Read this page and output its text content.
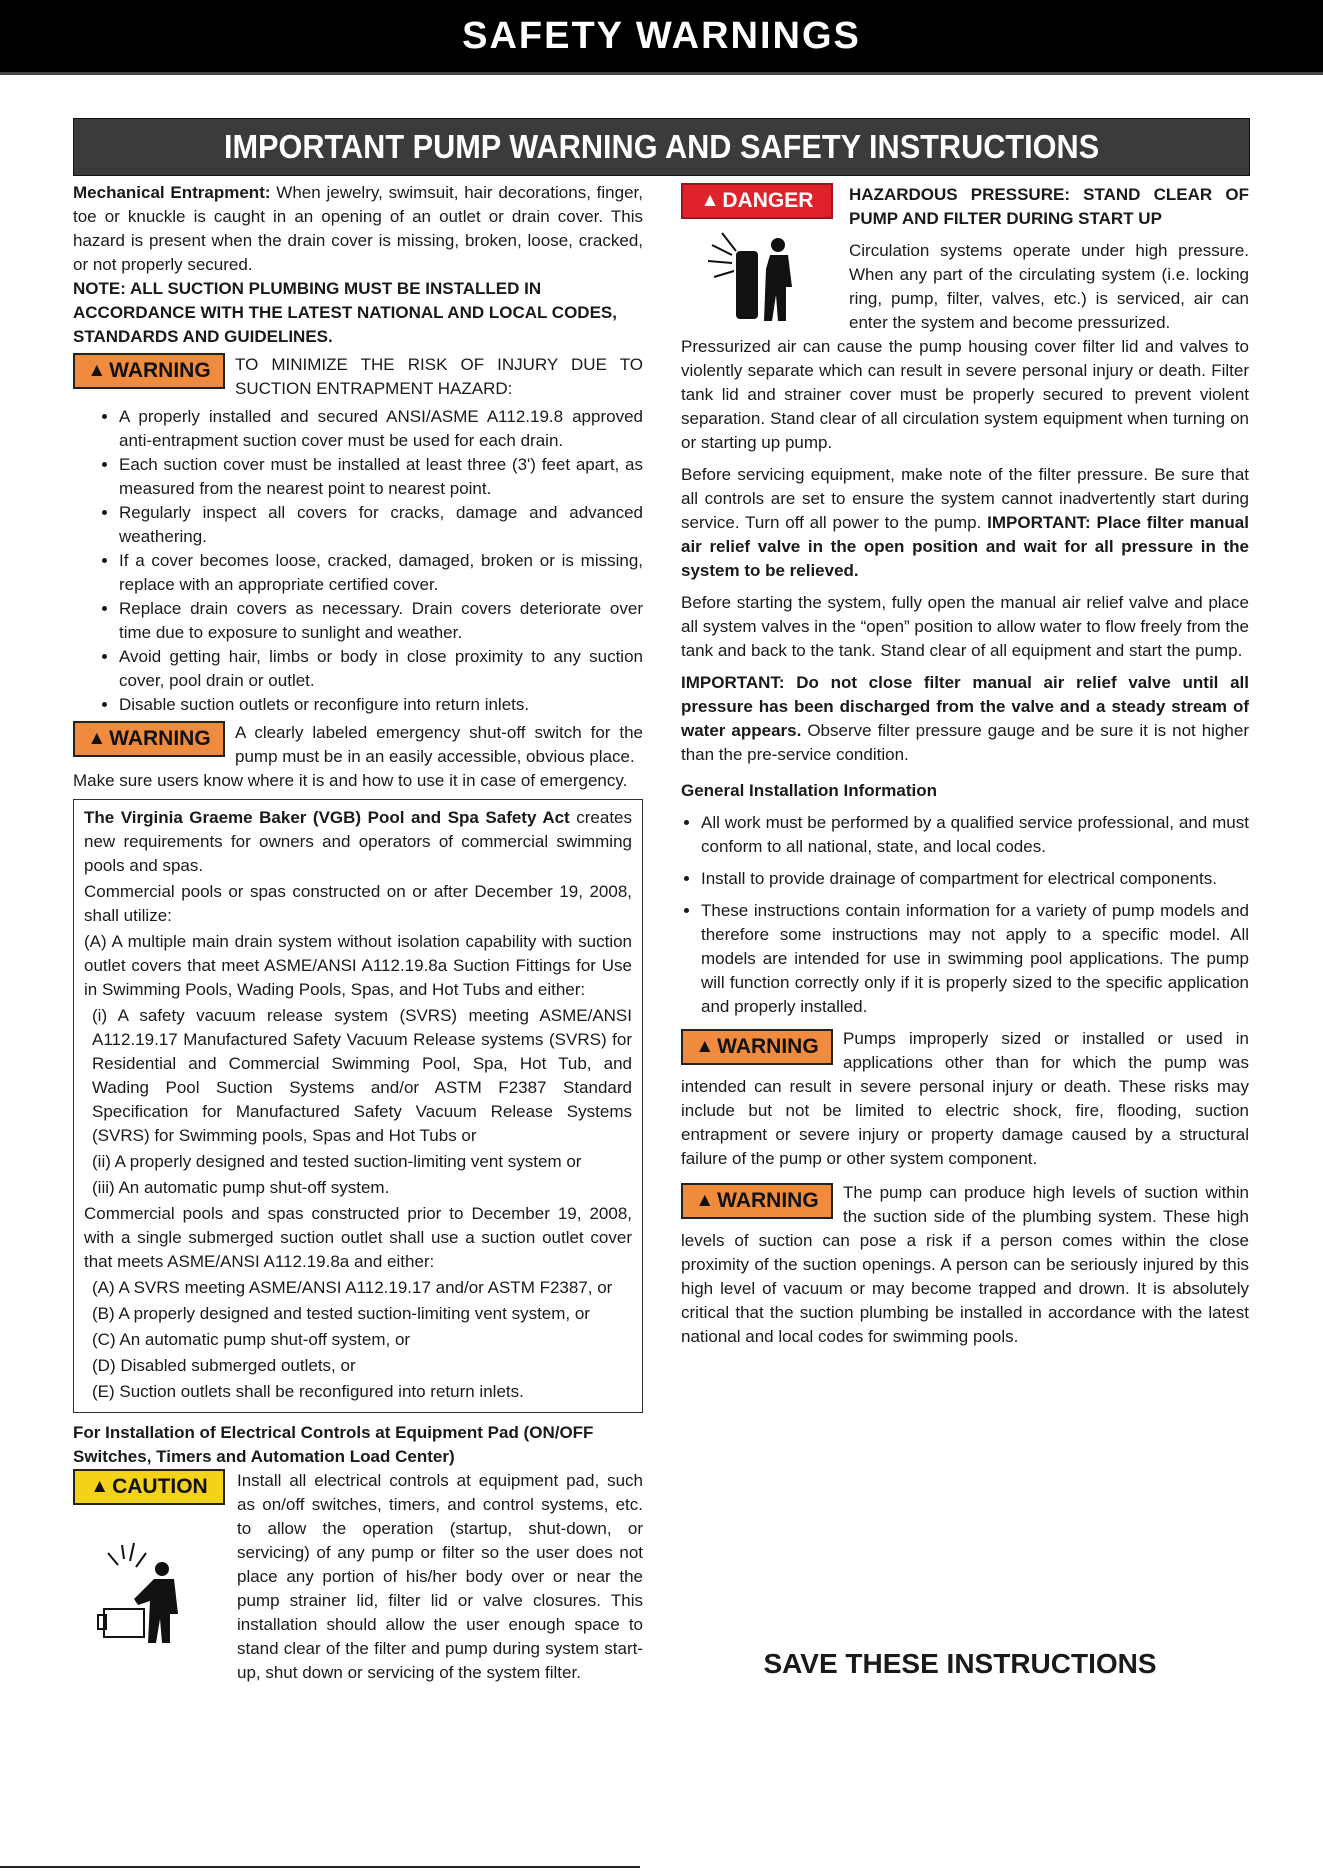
SAFETY WARNINGS
IMPORTANT PUMP WARNING AND SAFETY INSTRUCTIONS

Mechanical Entrapment: When jewelry, swimsuit, hair decorations, finger, toe or knuckle is caught in an opening of an outlet or drain cover. This hazard is present when the drain cover is missing, broken, loose, cracked, or not properly secured.

NOTE: ALL SUCTION PLUMBING MUST BE INSTALLED IN ACCORDANCE WITH THE LATEST NATIONAL AND LOCAL CODES, STANDARDS AND GUIDELINES.

▲ WARNING TO MINIMIZE THE RISK OF INJURY DUE TO SUCTION ENTRAPMENT HAZARD:

• A properly installed and secured ANSI/ASME A112.19.8 approved anti-entrapment suction cover must be used for each drain.
• Each suction cover must be installed at least three (3') feet apart, as measured from the nearest point to nearest point.
• Regularly inspect all covers for cracks, damage and advanced weathering.
• If a cover becomes loose, cracked, damaged, broken or is missing, replace with an appropriate certified cover.
• Replace drain covers as necessary. Drain covers deteriorate over time due to exposure to sunlight and weather.
• Avoid getting hair, limbs or body in close proximity to any suction cover, pool drain or outlet.
• Disable suction outlets or reconfigure into return inlets.
▲ WARNING A clearly labeled emergency shut-off switch for the pump must be in an easily accessible, obvious place.

Make sure users know where it is and how to use it in case of emergency.

The Virginia Graeme Baker (VGB) Pool and Spa Safety Act creates new requirements for owners and operators of commercial swimming pools and spas.

Commercial pools or spas constructed on or after December 19, 2008, shall utilize:

(A) A multiple main drain system without isolation capability with suction outlet covers that meet ASME/ANSI A112.19.8a Suction Fittings for Use in Swimming Pools, Wading Pools, Spas, and Hot Tubs and either:

(i) A safety vacuum release system (SVRS) meeting ASME/ANSI A112.19.17 Manufactured Safety Vacuum Release systems (SVRS) for Residential and Commercial Swimming Pool, Spa, Hot Tub, and Wading Pool Suction Systems and/or ASTM F2387 Standard Specification for Manufactured Safety Vacuum Release Systems (SVRS) for Swimming pools, Spas and Hot Tubs or

(ii) A properly designed and tested suction-limiting vent system or

(iii) An automatic pump shut-off system.

Commercial pools and spas constructed prior to December 19, 2008, with a single submerged suction outlet shall use a suction outlet cover that meets ASME/ANSI A112.19.8a and either:

(A) A SVRS meeting ASME/ANSI A112.19.17 and/or ASTM F2387, or

(B) A properly designed and tested suction-limiting vent system, or

(C) An automatic pump shut-off system, or

(D) Disabled submerged outlets, or

(E) Suction outlets shall be reconfigured into return inlets.

For Installation of Electrical Controls at Equipment Pad (ON/OFF Switches, Timers and Automation Load Center)

▲ CAUTION Install all electrical controls at equipment pad, such as on/off switches, timers, and control systems, etc. to allow the operation (startup, shut-down, or servicing) of any pump or filter so the user does not place any portion of his/her body over or near the pump strainer lid, filter lid or valve closures. This installation should allow the user enough space to stand clear of the filter and pump during system start-up, shut down or servicing of the system filter.

▲ DANGER HAZARDOUS PRESSURE: STAND CLEAR OF PUMP AND FILTER DURING START UP

Circulation systems operate under high pressure. When any part of the circulating system (i.e. locking ring, pump, filter, valves, etc.) is serviced, air can enter the system and become pressurized.

Pressurized air can cause the pump housing cover filter lid and valves to violently separate which can result in severe personal injury or death. Filter tank lid and strainer cover must be properly secured to prevent violent separation. Stand clear of all circulation system equipment when turning on or starting up pump.

Before servicing equipment, make note of the filter pressure. Be sure that all controls are set to ensure the system cannot inadvertently start during service. Turn off all power to the pump. IMPORTANT: Place filter manual air relief valve in the open position and wait for all pressure in the system to be relieved.

Before starting the system, fully open the manual air relief valve and place all system valves in the “open” position to allow water to flow freely from the tank and back to the tank. Stand clear of all equipment and start the pump.

IMPORTANT: Do not close filter manual air relief valve until all pressure has been discharged from the valve and a steady stream of water appears. Observe filter pressure gauge and be sure it is not higher than the pre-service condition.

General Installation Information

• All work must be performed by a qualified service professional, and must conform to all national, state, and local codes.
• Install to provide drainage of compartment for electrical components.
• These instructions contain information for a variety of pump models and therefore some instructions may not apply to a specific model. All models are intended for use in swimming pool applications. The pump will function correctly only if it is properly sized to the specific application and properly installed.

▲ WARNING Pumps improperly sized or installed or used in applications other than for which the pump was intended can result in severe personal injury or death. These risks may include but not be limited to electric shock, fire, flooding, suction entrapment or severe injury or property damage caused by a structural failure of the pump or other system component.

▲ WARNING The pump can produce high levels of suction within the suction side of the plumbing system. These high levels of suction can pose a risk if a person comes within the close proximity of the suction openings. A person can be seriously injured by this high level of vacuum or may become trapped and drown. It is absolutely critical that the suction plumbing be installed in accordance with the latest national and local codes for swimming pools.

SAVE THESE INSTRUCTIONS
